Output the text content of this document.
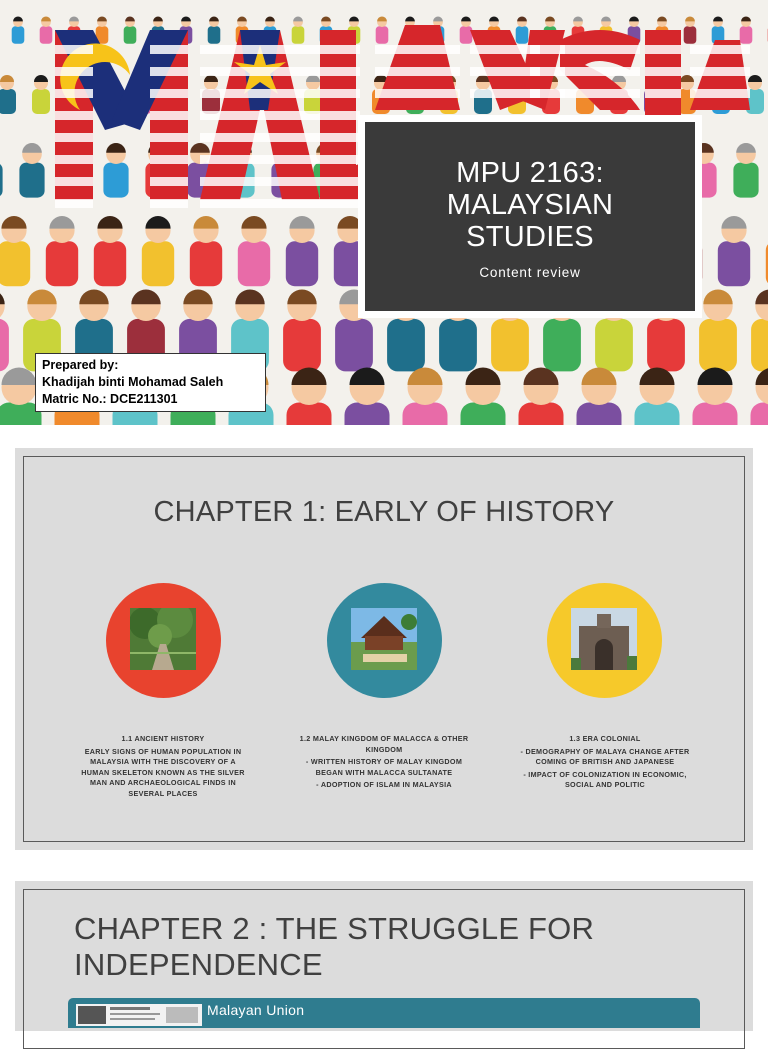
MPU 2163:
MALAYSIAN
STUDIES
Content review
Prepared by:
Khadijah binti Mohamad Saleh
Matric No.: DCE211301
CHAPTER 1: EARLY OF HISTORY
1.1 ANCIENT HISTORY
EARLY SIGNS OF HUMAN POPULATION IN MALAYSIA WITH THE DISCOVERY OF A HUMAN SKELETON KNOWN AS THE SILVER MAN AND ARCHAEOLOGICAL FINDS IN SEVERAL PLACES
1.2 MALAY KINGDOM OF MALACCA & OTHER KINGDOM
- WRITTEN HISTORY OF MALAY KINGDOM BEGAN WITH MALACCA SULTANATE
- ADOPTION OF ISLAM IN MALAYSIA
1.3 ERA COLONIAL
- DEMOGRAPHY OF MALAYA CHANGE AFTER COMING OF BRITISH AND JAPANESE
- IMPACT OF COLONIZATION IN ECONOMIC, SOCIAL AND POLITIC
CHAPTER 2 : THE STRUGGLE FOR INDEPENDENCE
Malayan Union
